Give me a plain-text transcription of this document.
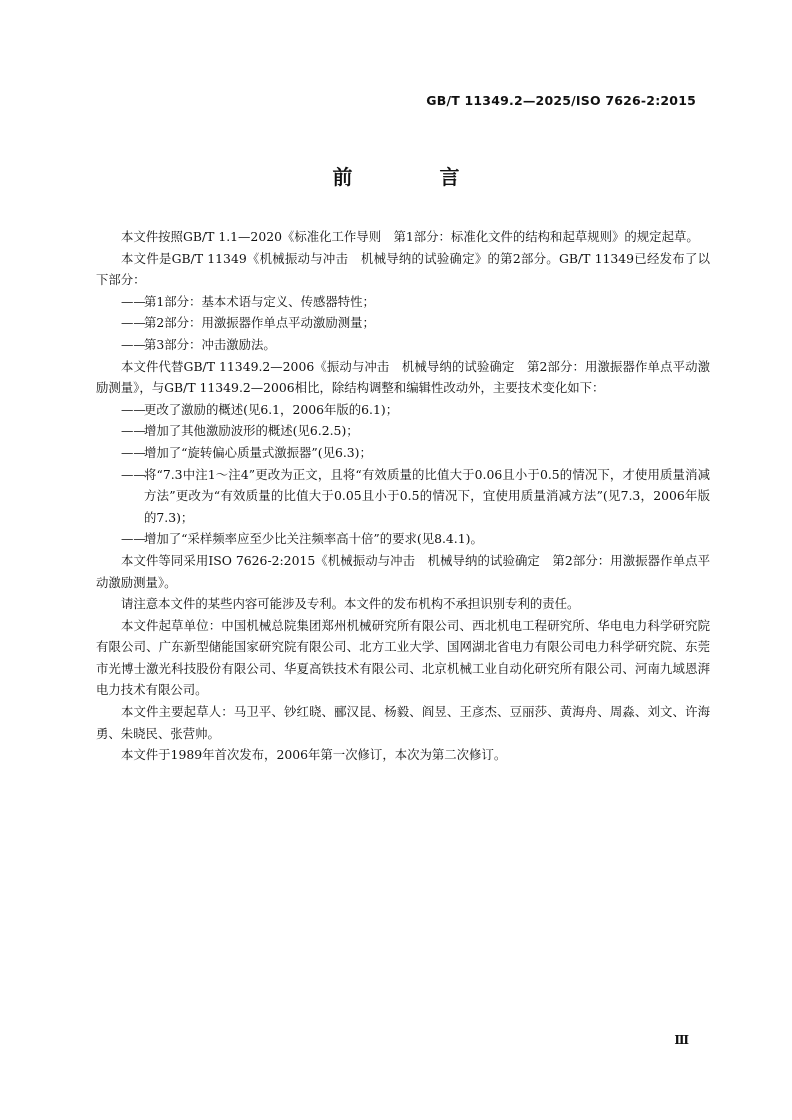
GB/T 11349.2—2025/ISO 7626-2:2015
前 言

本文件按照GB/T 1.1—2020《标准化工作导则　第1部分：标准化文件的结构和起草规则》的规定起草。

本文件是GB/T 11349《机械振动与冲击　机械导纳的试验确定》的第2部分。GB/T 11349已经发布了以下部分：

——
第1部分：基本术语与定义、传感器特性；

——
第2部分：用激振器作单点平动激励测量；

——
第3部分：冲击激励法。

本文件代替GB/T 11349.2—2006《振动与冲击　机械导纳的试验确定　第2部分：用激振器作单点平动激励测量》，与GB/T 11349.2—2006相比，除结构调整和编辑性改动外，主要技术变化如下：

——
更改了激励的概述(见6.1，2006年版的6.1)；

——
增加了其他激励波形的概述(见6.2.5)；

——
增加了“旋转偏心质量式激振器”(见6.3)；

——
将“7.3中注1～注4”更改为正文，且将“有效质量的比值大于0.06且小于0.5的情况下，才使用质量消减方法”更改为“有效质量的比值大于0.05且小于0.5的情况下，宜使用质量消减方法”(见7.3，2006年版的7.3)；

——
增加了“采样频率应至少比关注频率高十倍”的要求(见8.4.1)。

本文件等同采用ISO 7626-2:2015《机械振动与冲击　机械导纳的试验确定　第2部分：用激振器作单点平动激励测量》。

请注意本文件的某些内容可能涉及专利。本文件的发布机构不承担识别专利的责任。

本文件起草单位：中国机械总院集团郑州机械研究所有限公司、西北机电工程研究所、华电电力科学研究院有限公司、广东新型储能国家研究院有限公司、北方工业大学、国网湖北省电力有限公司电力科学研究院、东莞市光博士激光科技股份有限公司、华夏高铁技术有限公司、北京机械工业自动化研究所有限公司、河南九域恩湃电力技术有限公司。

本文件主要起草人：马卫平、钞红晓、郦汉昆、杨毅、阎昱、王彦杰、豆丽莎、黄海舟、周淼、刘文、许海勇、朱晓民、张营帅。

本文件于1989年首次发布，2006年第一次修订，本次为第二次修订。

Ⅲ
